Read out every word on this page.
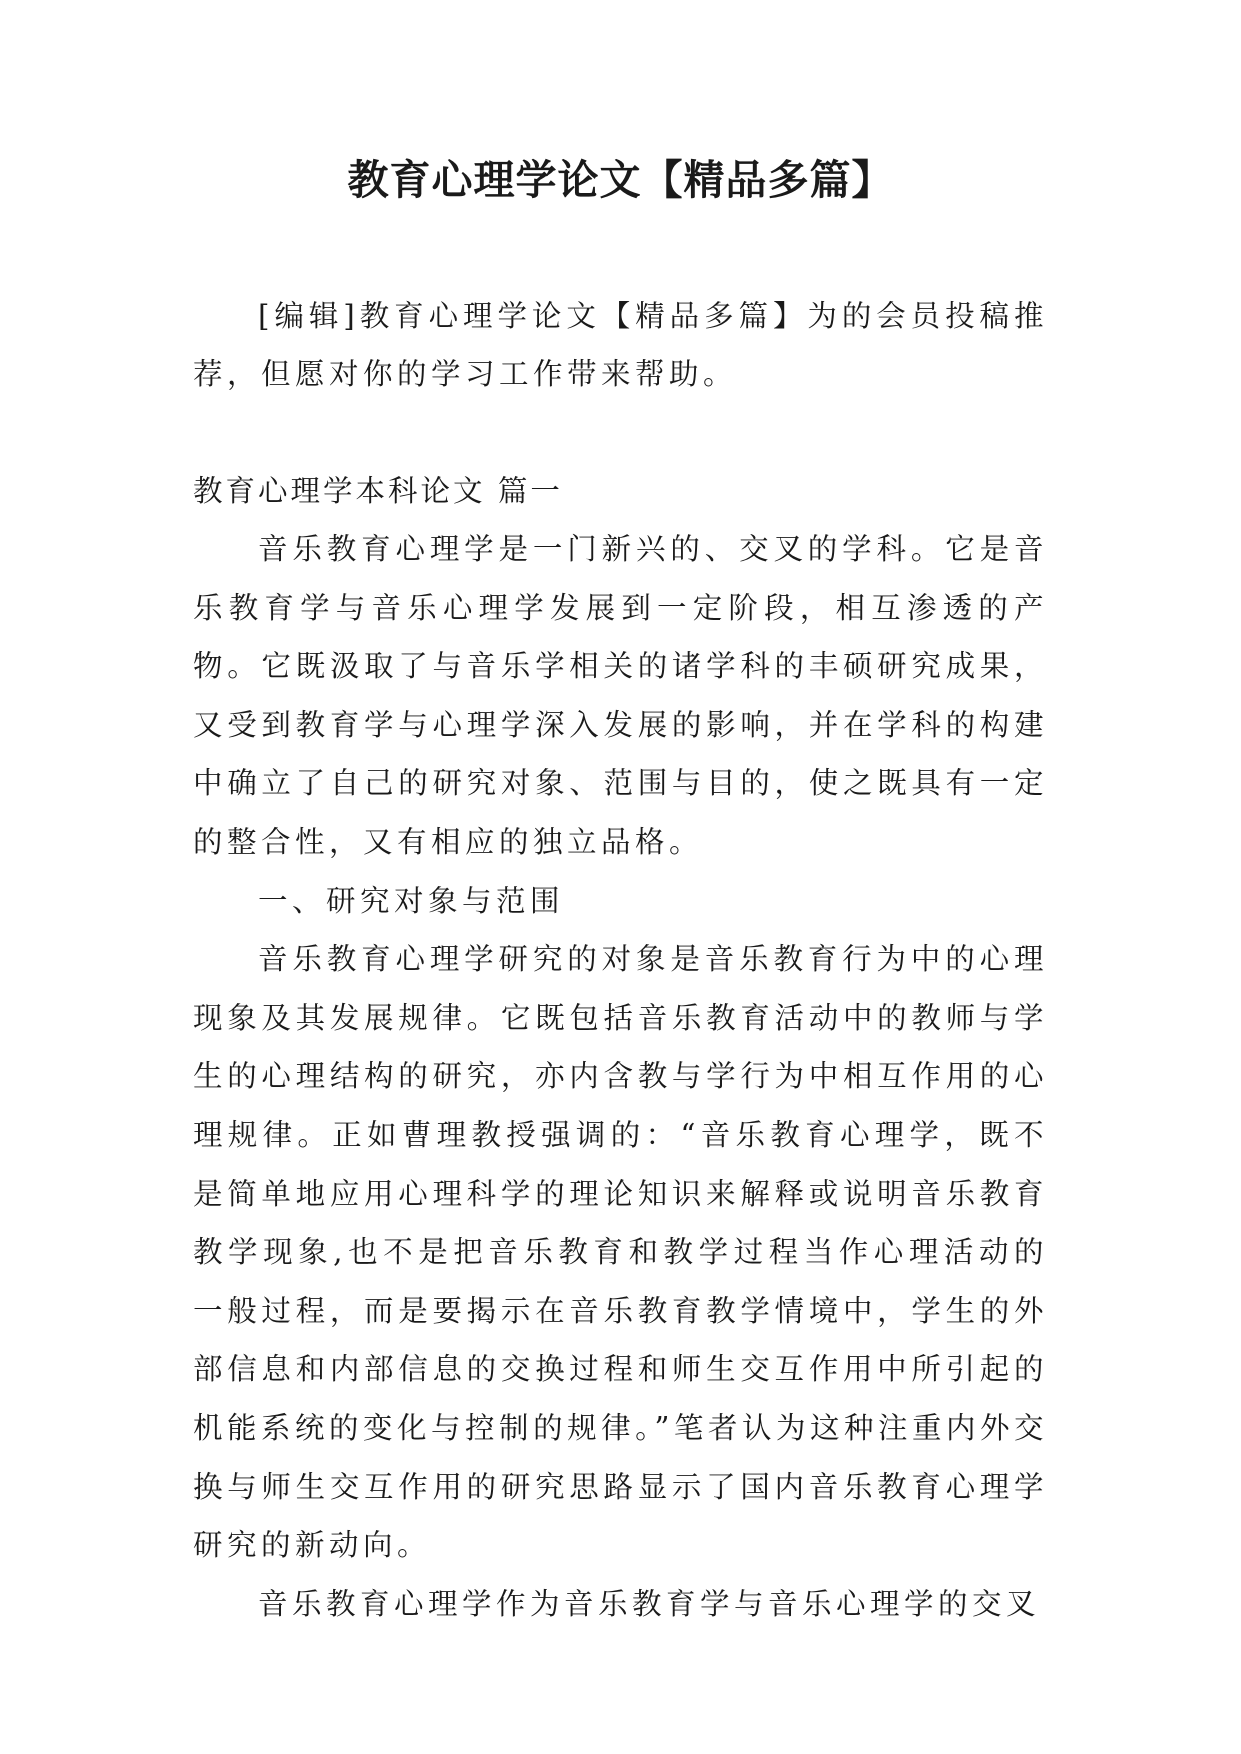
教育心理学论文【精品多篇】

[编辑]教育心理学论文【精品多篇】为的会员投稿推荐，但愿对你的学习工作带来帮助。

教育心理学本科论文 篇一

音乐教育心理学是一门新兴的、交叉的学科。它是音乐教育学与音乐心理学发展到一定阶段，相互渗透的产物。它既汲取了与音乐学相关的诸学科的丰硕研究成果，又受到教育学与心理学深入发展的影响，并在学科的构建中确立了自己的研究对象、范围与目的，使之既具有一定的整合性，又有相应的独立品格。

一、研究对象与范围

音乐教育心理学研究的对象是音乐教育行为中的心理现象及其发展规律。它既包括音乐教育活动中的教师与学生的心理结构的研究，亦内含教与学行为中相互作用的心理规律。正如曹理教授强调的：“音乐教育心理学，既不是简单地应用心理科学的理论知识来解释或说明音乐教育教学现象,也不是把音乐教育和教学过程当作心理活动的一般过程，而是要揭示在音乐教育教学情境中，学生的外部信息和内部信息的交换过程和师生交互作用中所引起的机能系统的变化与控制的规律。”笔者认为这种注重内外交换与师生交互作用的研究思路显示了国内音乐教育心理学研究的新动向。

音乐教育心理学作为音乐教育学与音乐心理学的交叉
